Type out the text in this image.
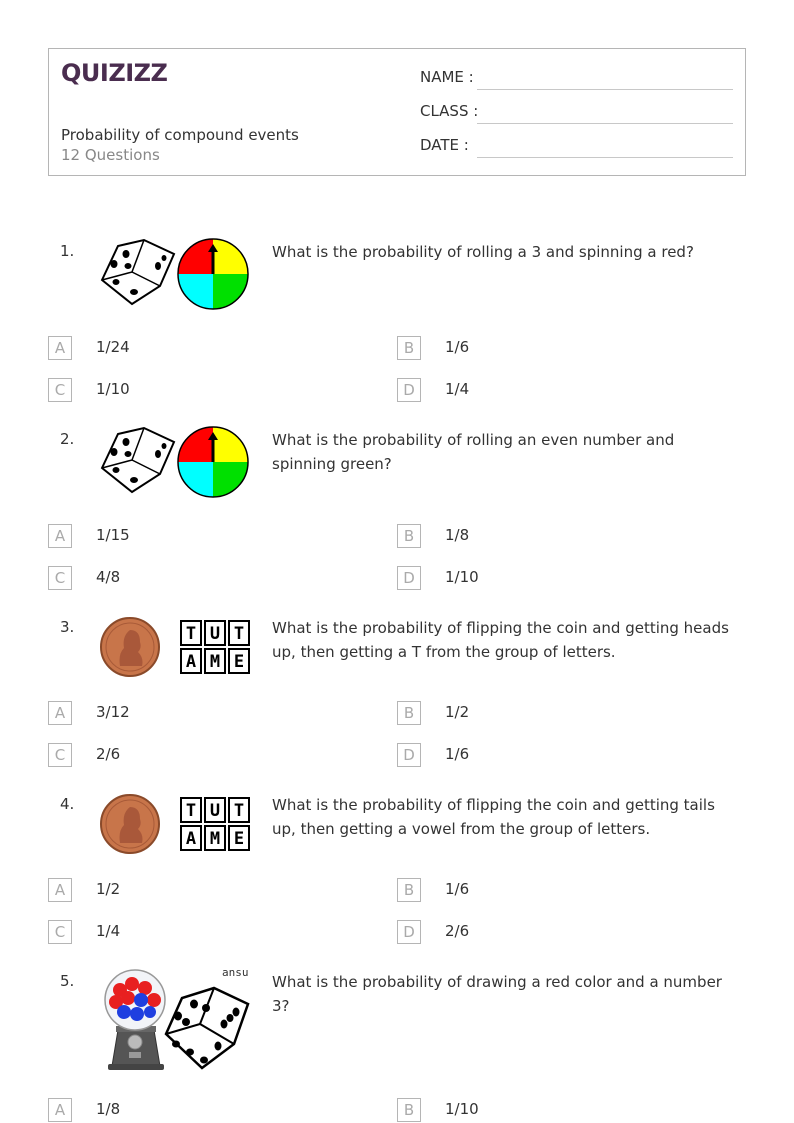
QUIZIZZ
Probability of compound events
12 Questions
NAME :
CLASS :
DATE :
1.	What is the probability of rolling a 3 and spinning a red?
A	1/24	B	1/6
C	1/10	D	1/4
2.	What is the probability of rolling an even number and spinning green?
A	1/15	B	1/8
C	4/8	D	1/10
3.	T U T
A M E
What is the probability of flipping the coin and getting heads up, then getting a T from the group of letters.
A	3/12	B	1/2
C	2/6	D	1/6
4.	T U T
A M E
What is the probability of flipping the coin and getting tails up, then getting a vowel from the group of letters.
A	1/2	B	1/6
C	1/4	D	2/6
5.	ansu
What is the probability of drawing a red color and a number 3?
A	1/8	B	1/10
